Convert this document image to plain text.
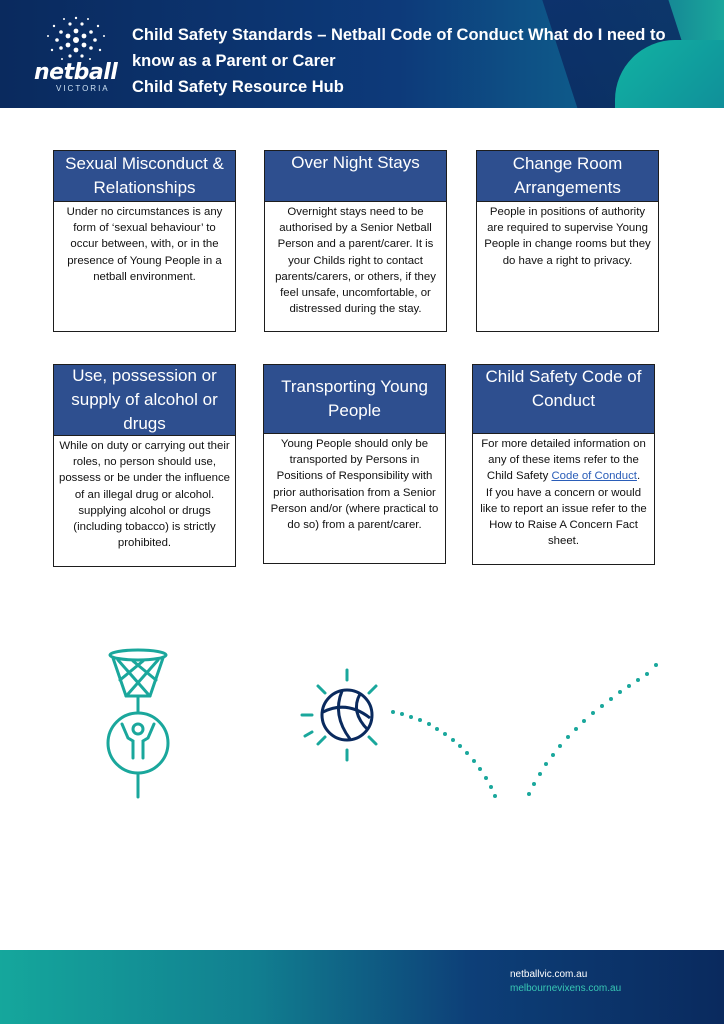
netball
VICTORIA
Child Safety Standards – Netball Code of Conduct What do I need to
know as a Parent or Carer
Child Safety Resource Hub
Sexual Misconduct & Relationships
Under no circumstances is any form of ‘sexual behaviour’ to occur between, with, or in the presence of Young People in a netball environment.
Over Night Stays
Overnight stays need to be authorised by a Senior Netball Person and a parent/carer. It is your Childs right to contact parents/carers, or others, if they feel unsafe, uncomfortable, or distressed during the stay.
Change Room Arrangements
People in positions of authority are required to supervise Young People in change rooms but they do have a right to privacy.
Use, possession or supply of alcohol or drugs
While on duty or carrying out their roles, no person should use, possess or be under the influence of an illegal drug or alcohol. supplying alcohol or drugs (including tobacco) is strictly prohibited.
Transporting Young People
Young People should only be transported by Persons in Positions of Responsibility with prior authorisation from a Senior Person and/or (where practical to do so) from a parent/carer.
Child Safety Code of Conduct
For more detailed information on any of these items refer to the Child Safety Code of Conduct.
If you have a concern or would like to report an issue refer to the How to Raise A Concern Fact sheet.
netballvic.com.au
melbournevixens.com.au
